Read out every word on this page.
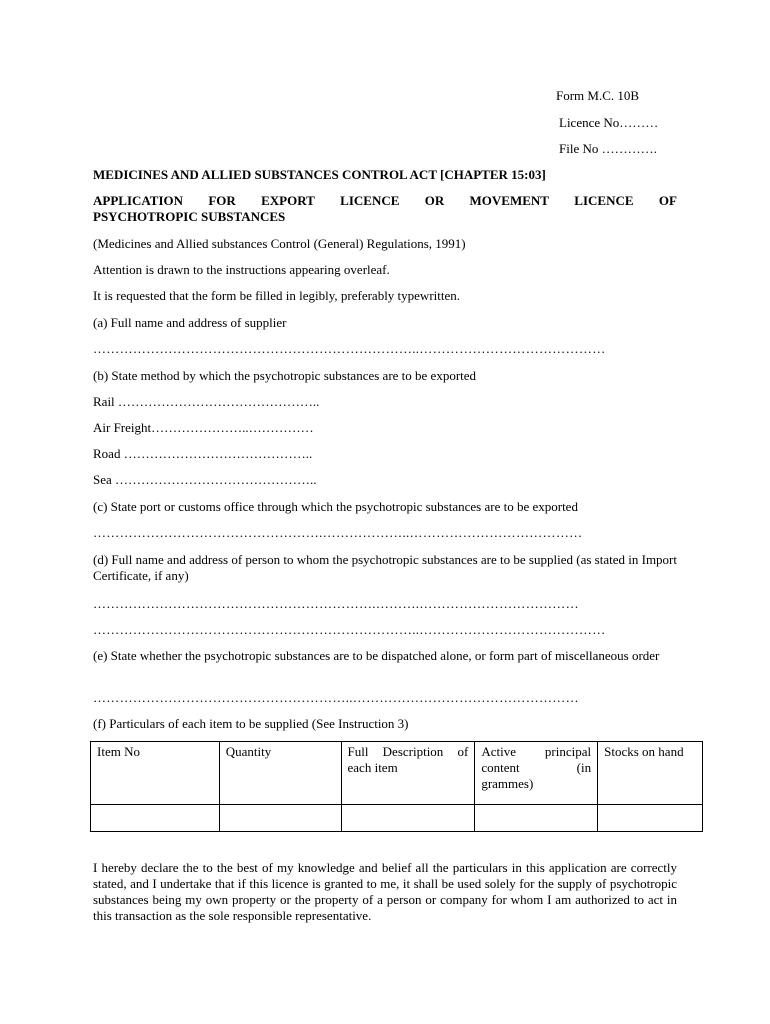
Form M.C. 10B
Licence No………
File No ………….
MEDICINES AND ALLIED SUBSTANCES CONTROL ACT [CHAPTER 15:03]
APPLICATION FOR EXPORT LICENCE OR MOVEMENT LICENCE OF
PSYCHOTROPIC SUBSTANCES
(Medicines and Allied substances Control (General) Regulations, 1991)
Attention is drawn to the instructions appearing overleaf.
It is requested that the form be filled in legibly, preferably typewritten.
(a) Full name and address of supplier
………………………………………………………………..……………………………………
(b) State method by which the psychotropic substances are to be exported
Rail ………………………………………..
Air Freight…………………..……………
Road ……………………………………..
Sea ………………………………………..
(c) State port or customs office through which the psychotropic substances are to be exported
…………………………………………….………………..…………………………………
(d) Full name and address of person to whom the psychotropic substances are to be supplied (as stated in Import Certificate, if any)
……………………………………………………….……….………………………………
………………………………………………………………..……………………………………
(e) State whether the psychotropic substances are to be dispatched alone, or form part of miscellaneous order
…………………………………………………..……………………………………………
(f) Particulars of each item to be supplied (See Instruction 3)
Item No	Quantity	Full Description of each item	Active principal content (in grammes)	Stocks on hand

I hereby declare the to the best of my knowledge and belief all the particulars in this application are correctly stated, and I undertake that if this licence is granted to me, it shall be used solely for the supply of psychotropic substances being my own property or the property of a person or company for whom I am authorized to act in this transaction as the sole responsible representative.
